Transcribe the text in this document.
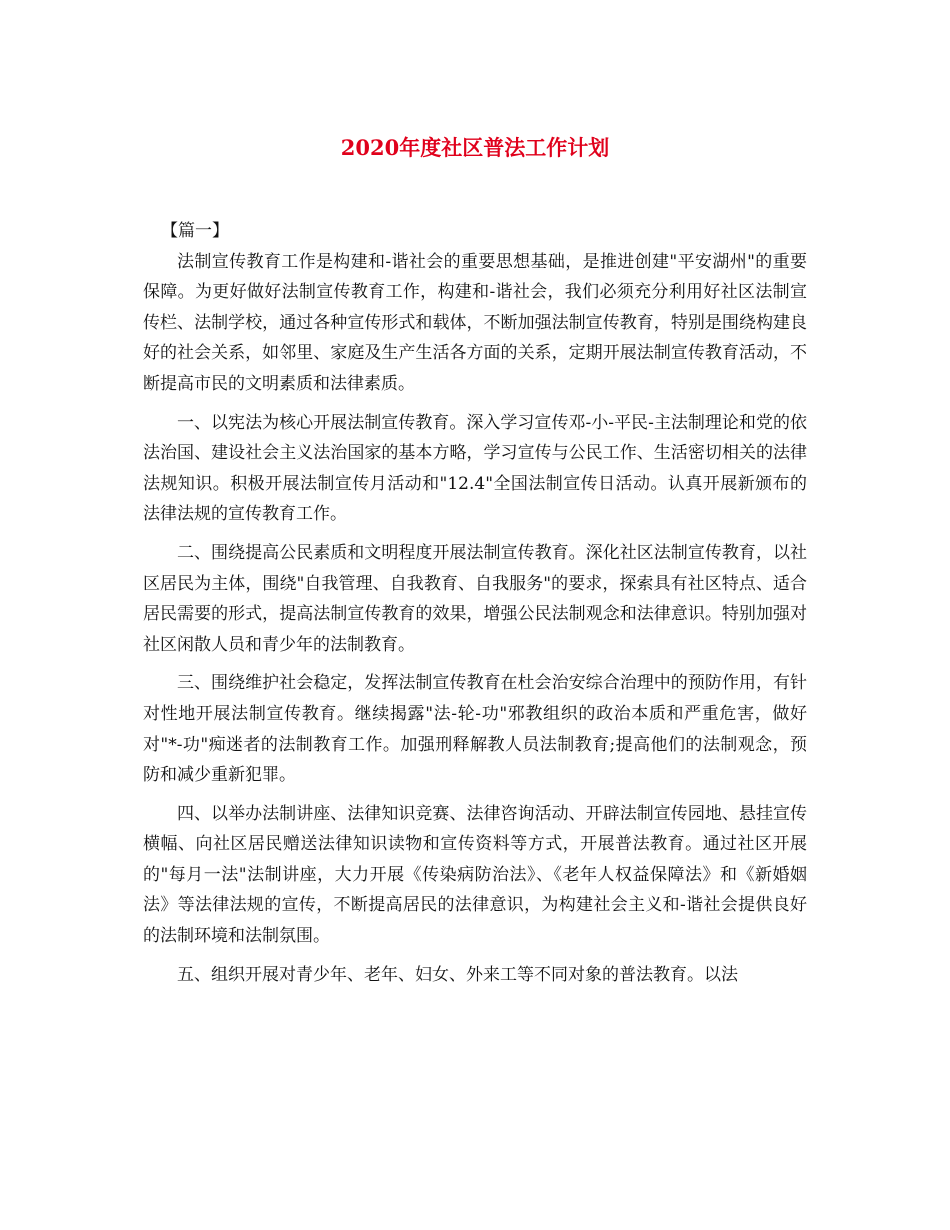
2020年度社区普法工作计划

【篇一】

法制宣传教育工作是构建和-谐社会的重要思想基础，是推进创建"平安湖州"的重要保障。为更好做好法制宣传教育工作，构建和-谐社会，我们必须充分利用好社区法制宣传栏、法制学校，通过各种宣传形式和载体，不断加强法制宣传教育，特别是围绕构建良好的社会关系，如邻里、家庭及生产生活各方面的关系，定期开展法制宣传教育活动，不断提高市民的文明素质和法律素质。

一、以宪法为核心开展法制宣传教育。深入学习宣传邓-小-平民-主法制理论和党的依法治国、建设社会主义法治国家的基本方略，学习宣传与公民工作、生活密切相关的法律法规知识。积极开展法制宣传月活动和"12.4"全国法制宣传日活动。认真开展新颁布的法律法规的宣传教育工作。

二、围绕提高公民素质和文明程度开展法制宣传教育。深化社区法制宣传教育，以社区居民为主体，围绕"自我管理、自我教育、自我服务"的要求，探索具有社区特点、适合居民需要的形式，提高法制宣传教育的效果，增强公民法制观念和法律意识。特别加强对社区闲散人员和青少年的法制教育。

三、围绕维护社会稳定，发挥法制宣传教育在杜会治安综合治理中的预防作用，有针对性地开展法制宣传教育。继续揭露"法-轮-功"邪教组织的政治本质和严重危害，做好对"*-功"痴迷者的法制教育工作。加强刑释解教人员法制教育;提高他们的法制观念，预防和减少重新犯罪。

四、以举办法制讲座、法律知识竞赛、法律咨询活动、开辟法制宣传园地、悬挂宣传横幅、向社区居民赠送法律知识读物和宣传资料等方式，开展普法教育。通过社区开展的"每月一法"法制讲座，大力开展《传染病防治法》、《老年人权益保障法》和《新婚姻法》等法律法规的宣传，不断提高居民的法律意识，为构建社会主义和-谐社会提供良好的法制环境和法制氛围。

五、组织开展对青少年、老年、妇女、外来工等不同对象的普法教育。以法
